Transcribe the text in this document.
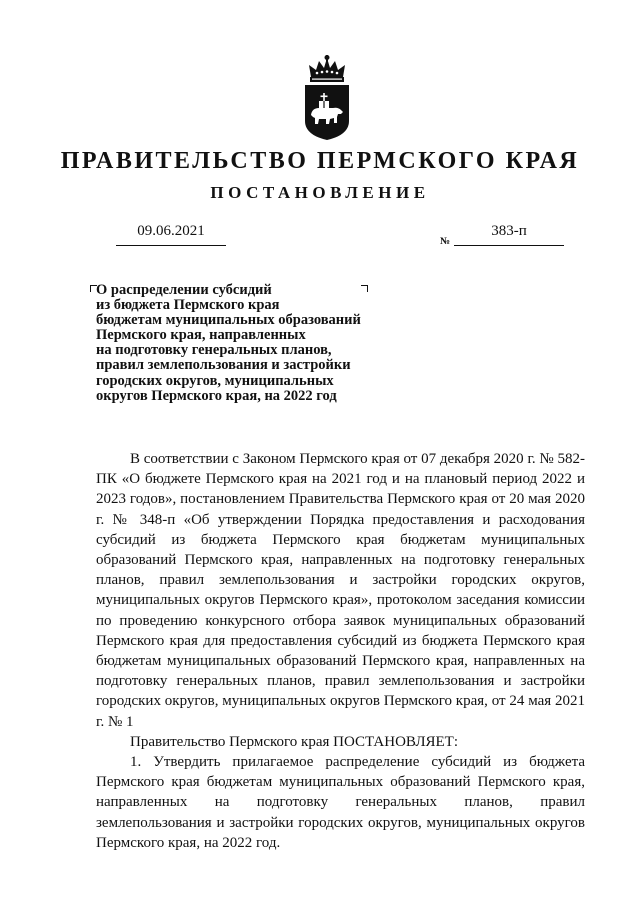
ПРАВИТЕЛЬСТВО ПЕРМСКОГО КРАЯ
ПОСТАНОВЛЕНИЕ
09.06.2021
№
383-п
О распределении субсидий
из бюджета Пермского края
бюджетам муниципальных образований
Пермского края, направленных
на подготовку генеральных планов,
правил землепользования и застройки
городских округов, муниципальных
округов Пермского края, на 2022 год

В соответствии с Законом Пермского края от 07 декабря 2020 г. № 582-ПК «О бюджете Пермского края на 2021 год и на плановый период 2022 и 2023 годов», постановлением Правительства Пермского края от 20 мая 2020 г. № 348-п «Об утверждении Порядка предоставления и расходования субсидий из бюджета Пермского края бюджетам муниципальных образований Пермского края, направленных на подготовку генеральных планов, правил землепользования и застройки городских округов, муниципальных округов Пермского края», протоколом заседания комиссии по проведению конкурсного отбора заявок муниципальных образований Пермского края для предоставления субсидий из бюджета Пермского края бюджетам муниципальных образований Пермского края, направленных на подготовку генеральных планов, правил землепользования и застройки городских округов, муниципальных округов Пермского края, от 24 мая 2021 г. № 1

Правительство Пермского края ПОСТАНОВЛЯЕТ:

1. Утвердить прилагаемое распределение субсидий из бюджета Пермского края бюджетам муниципальных образований Пермского края, направленных на подготовку генеральных планов, правил землепользования и застройки городских округов, муниципальных округов Пермского края, на 2022 год.
